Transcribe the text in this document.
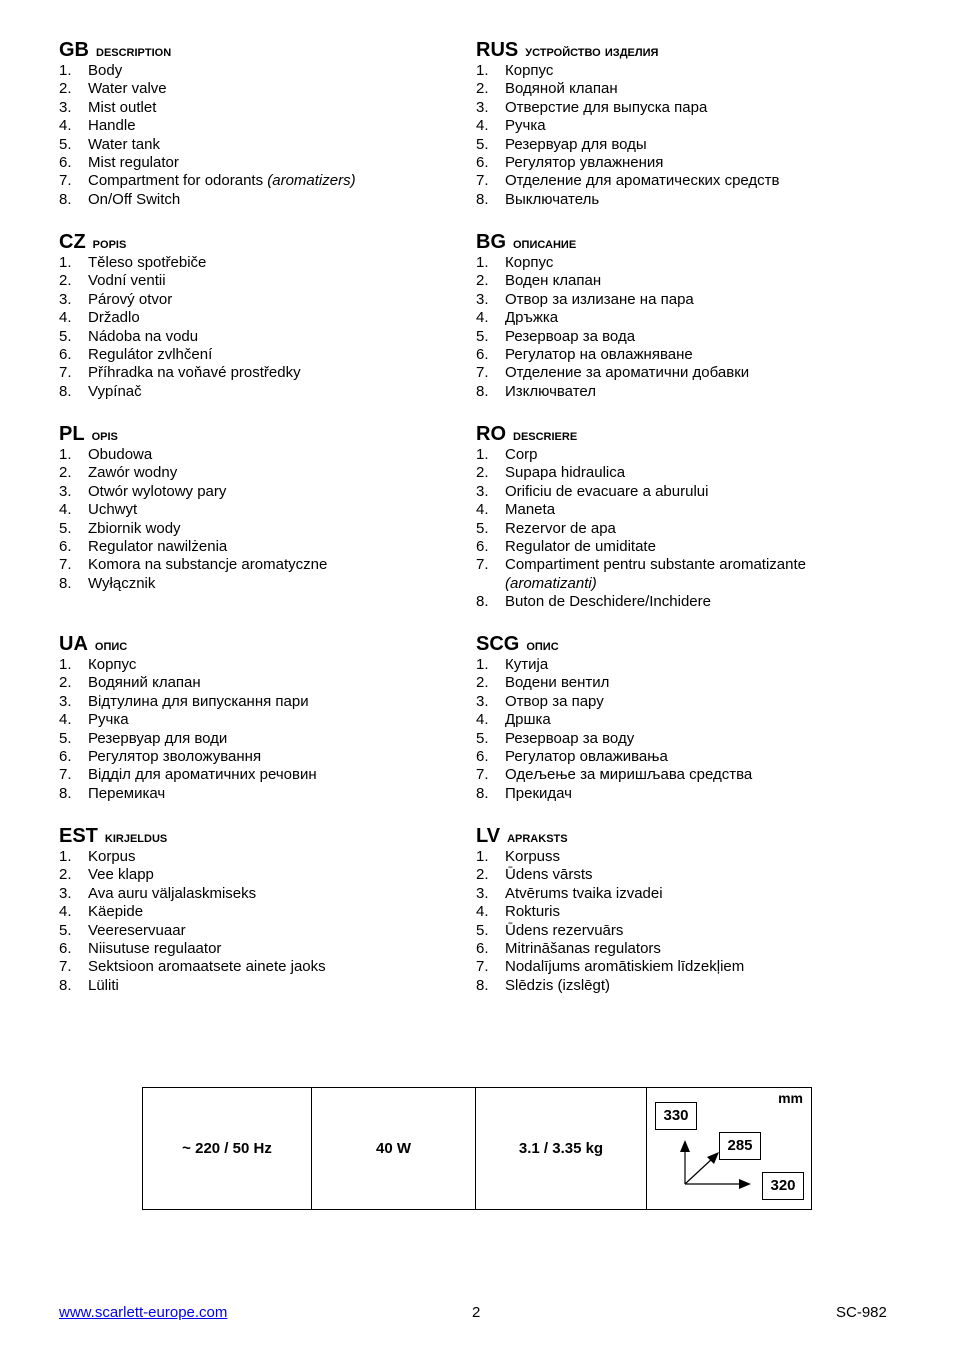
GB description
1.	Body
2.	Water valve
3.	Mist outlet
4.	Handle
5.	Water tank
6.	Mist regulator
7.	Compartment for odorants (aromatizers)
8.	On/Off Switch
CZ popis
1.	Těleso spotřebiče
2.	Vodní ventii
3.	Párový otvor
4.	Držadlo
5.	Nádoba na vodu
6.	Regulátor zvlhčení
7.	Příhradka na voňavé prostředky
8.	Vypínač
PL opis
1.	Obudowa
2.	Zawór wodny
3.	Otwór wylotowy pary
4.	Uchwyt
5.	Zbiornik wody
6.	Regulator nawilżenia
7.	Komora na substancje aromatyczne
8.	Wyłącznik
UA опис
1.	Корпус
2.	Водяний клапан
3.	Відтулина для випускання пари
4.	Ручка
5.	Резервуар для води
6.	Регулятор зволожування
7.	Відділ для ароматичних речовин
8.	Перемикач
EST kirjeldus
1.	Korpus
2.	Vee klapp
3.	Ava auru väljalaskmiseks
4.	Käepide
5.	Veereservuaar
6.	Niisutuse regulaator
7.	Sektsioon aromaatsete ainete jaoks
8.	Lüliti
RUS устройство изделия
1.	Корпус
2.	Водяной клапан
3.	Отверстие для выпуска пара
4.	Ручка
5.	Резервуар для воды
6.	Регулятор увлажнения
7.	Отделение для ароматических средств
8.	Выключатель
BG описание
1.	Корпус
2.	Воден клапан
3.	Отвор за излизане на пара
4.	Дръжка
5.	Резервоар за вода
6.	Регулатор на овлажняване
7.	Отделение за ароматични добавки
8.	Изключвател
RO descriere
1.	Corp
2.	Supapa hidraulica
3.	Orificiu de evacuare a aburului
4.	Maneta
5.	Rezervor de apa
6.	Regulator de umiditate
7.	Compartiment pentru substante aromatizante
(aromatizanti)
8.	Buton de Deschidere/Inchidere
SCG опис
1.	Кутија
2.	Водени вентил
3.	Отвор за пару
4.	Дршка
5.	Резервоар за воду
6.	Регулатор овлаживања
7.	Одељење за миришљава средства
8.	Прекидач
LV apraksts
1.	Korpuss
2.	Ūdens vārsts
3.	Atvērums tvaika izvadei
4.	Rokturis
5.	Ūdens rezervuārs
6.	Mitrināšanas regulators
7.	Nodalījums aromātiskiem līdzekļiem
8.	Slēdzis (izslēgt)
~ 220 / 50 Hz	40 W	3.1 / 3.35 kg	
mm
330
285
320
www.scarlett-europe.com	2	SC-982
